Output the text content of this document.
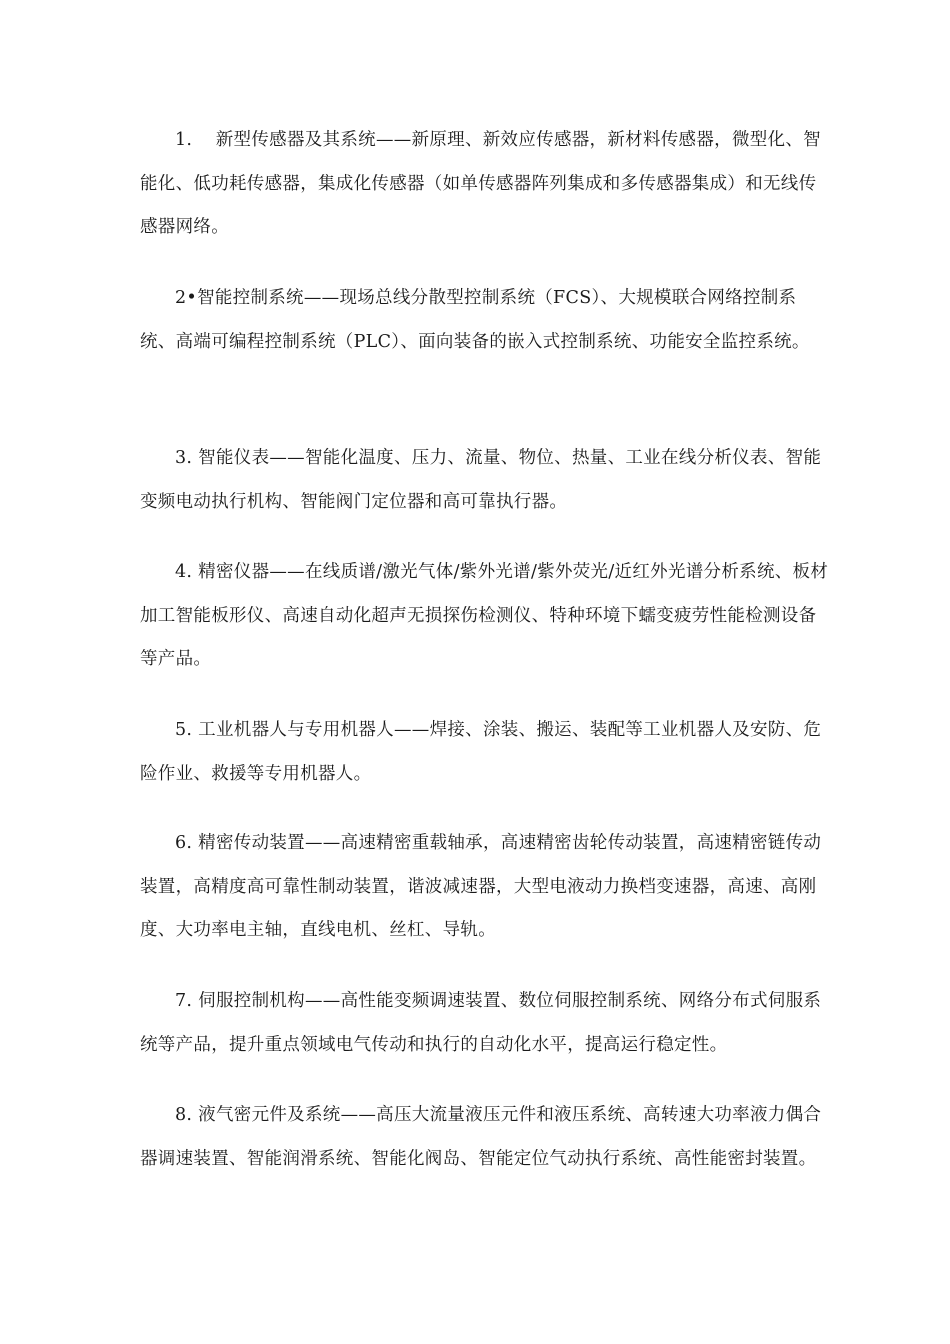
1. 新型传感器及其系统——新原理、新效应传感器，新材料传感器，微型化、智能化、低功耗传感器，集成化传感器（如单传感器阵列集成和多传感器集成）和无线传感器网络。

2•智能控制系统——现场总线分散型控制系统（FCS）、大规模联合网络控制系统、高端可编程控制系统（PLC）、面向装备的嵌入式控制系统、功能安全监控系统。

3. 智能仪表——智能化温度、压力、流量、物位、热量、工业在线分析仪表、智能变频电动执行机构、智能阀门定位器和高可靠执行器。

4. 精密仪器——在线质谱/激光气体/紫外光谱/紫外荧光/近红外光谱分析系统、板材加工智能板形仪、高速自动化超声无损探伤检测仪、特种环境下蠕变疲劳性能检测设备等产品。

5. 工业机器人与专用机器人——焊接、涂装、搬运、装配等工业机器人及安防、危险作业、救援等专用机器人。

6. 精密传动装置——高速精密重载轴承，高速精密齿轮传动装置，高速精密链传动装置，高精度高可靠性制动装置，谐波减速器，大型电液动力换档变速器，高速、高刚度、大功率电主轴，直线电机、丝杠、导轨。

7. 伺服控制机构——高性能变频调速装置、数位伺服控制系统、网络分布式伺服系统等产品，提升重点领域电气传动和执行的自动化水平，提高运行稳定性。

8. 液气密元件及系统——高压大流量液压元件和液压系统、高转速大功率液力偶合器调速装置、智能润滑系统、智能化阀岛、智能定位气动执行系统、高性能密封装置。
